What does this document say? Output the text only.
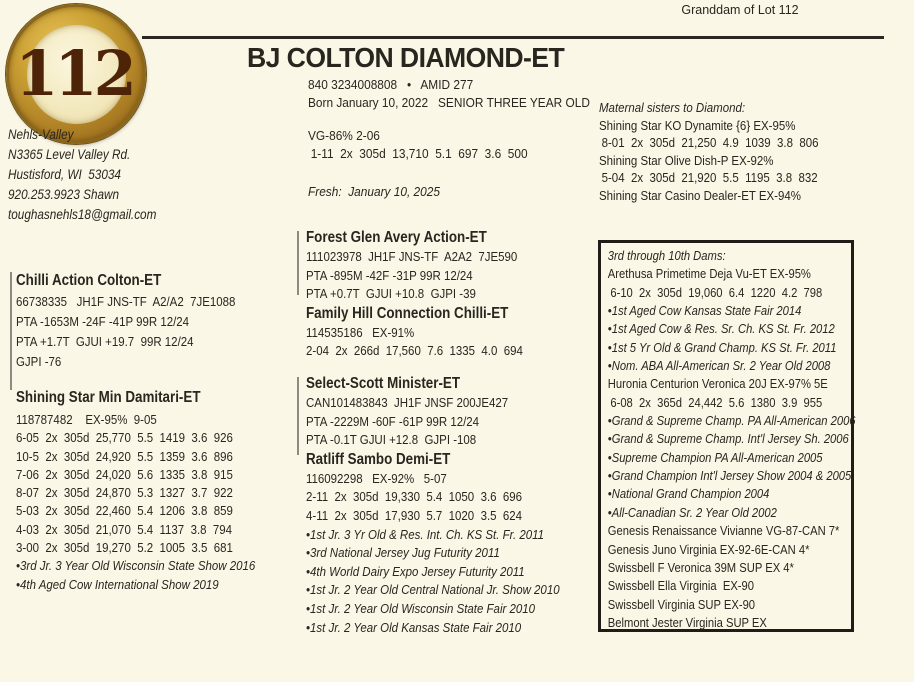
112
Granddam of Lot 112
BJ COLTON DIAMOND-ET
840 3234008808   •   AMID 277
Born January 10, 2022   SENIOR THREE YEAR OLD
VG-86% 2-06
1-11  2x  305d  13,710  5.1  697  3.6  500
Fresh:  January 10, 2025
Nehls-Valley
N3365 Level Valley Rd.
Hustisford, WI  53034
920.253.9923 Shawn
toughasnehls18@gmail.com
Maternal sisters to Diamond:
Shining Star KO Dynamite {6} EX-95%
8-01  2x  305d  21,250  4.9  1039  3.8  806
Shining Star Olive Dish-P EX-92%
5-04  2x  305d  21,920  5.5  1195  3.8  832
Shining Star Casino Dealer-ET EX-94%
Chilli Action Colton-ET
66738335   JH1F JNS-TF  A2/A2  7JE1088
PTA -1653M -24F -41P 99R 12/24
PTA +1.7T  GJUI +19.7  99R 12/24
GJPI -76
Shining Star Min Damitari-ET
118787482    EX-95%  9-05
6-05  2x  305d  25,770  5.5  1419  3.6  926
10-5  2x  305d  24,920  5.5  1359  3.6  896
7-06  2x  305d  24,020  5.6  1335  3.8  915
8-07  2x  305d  24,870  5.3  1327  3.7  922
5-03  2x  305d  22,460  5.4  1206  3.8  859
4-03  2x  305d  21,070  5.4  1137  3.8  794
3-00  2x  305d  19,270  5.2  1005  3.5  681
•3rd Jr. 3 Year Old Wisconsin State Show 2016
•4th Aged Cow International Show 2019
Forest Glen Avery Action-ET
111023978  JH1F JNS-TF  A2A2  7JE590
PTA -895M -42F -31P 99R 12/24
PTA +0.7T  GJUI +10.8  GJPI -39
Family Hill Connection Chilli-ET
114535186   EX-91%
2-04  2x  266d  17,560  7.6  1335  4.0  694
Select-Scott Minister-ET
CAN101483843  JH1F JNSF 200JE427
PTA -2229M -60F -61P 99R 12/24
PTA -0.1T GJUI +12.8  GJPI -108
Ratliff Sambo Demi-ET
116092298   EX-92%   5-07
2-11  2x  305d  19,330  5.4  1050  3.6  696
4-11  2x  305d  17,930  5.7  1020  3.5  624
•1st Jr. 3 Yr Old & Res. Int. Ch. KS St. Fr. 2011
•3rd National Jersey Jug Futurity 2011
•4th World Dairy Expo Jersey Futurity 2011
•1st Jr. 2 Year Old Central National Jr. Show 2010
•1st Jr. 2 Year Old Wisconsin State Fair 2010
•1st Jr. 2 Year Old Kansas State Fair 2010
3rd through 10th Dams:
Arethusa Primetime Deja Vu-ET EX-95%
6-10  2x  305d  19,060  6.4  1220  4.2  798
•1st Aged Cow Kansas State Fair 2014
•1st Aged Cow & Res. Sr. Ch. KS St. Fr. 2012
•1st 5 Yr Old & Grand Champ. KS St. Fr. 2011
•Nom. ABA All-American Sr. 2 Year Old 2008
Huronia Centurion Veronica 20J EX-97% 5E
6-08  2x  365d  24,442  5.6  1380  3.9  955
•Grand & Supreme Champ. PA All-American 2006
•Grand & Supreme Champ. Int'l Jersey Sh. 2006
•Supreme Champion PA All-American 2005
•Grand Champion Int'l Jersey Show 2004 & 2005
•National Grand Champion 2004
•All-Canadian Sr. 2 Year Old 2002
Genesis Renaissance Vivianne VG-87-CAN 7*
Genesis Juno Virginia EX-92-6E-CAN 4*
Swissbell F Veronica 39M SUP EX 4*
Swissbell Ella Virginia  EX-90
Swissbell Virginia SUP EX-90
Belmont Jester Virginia SUP EX
